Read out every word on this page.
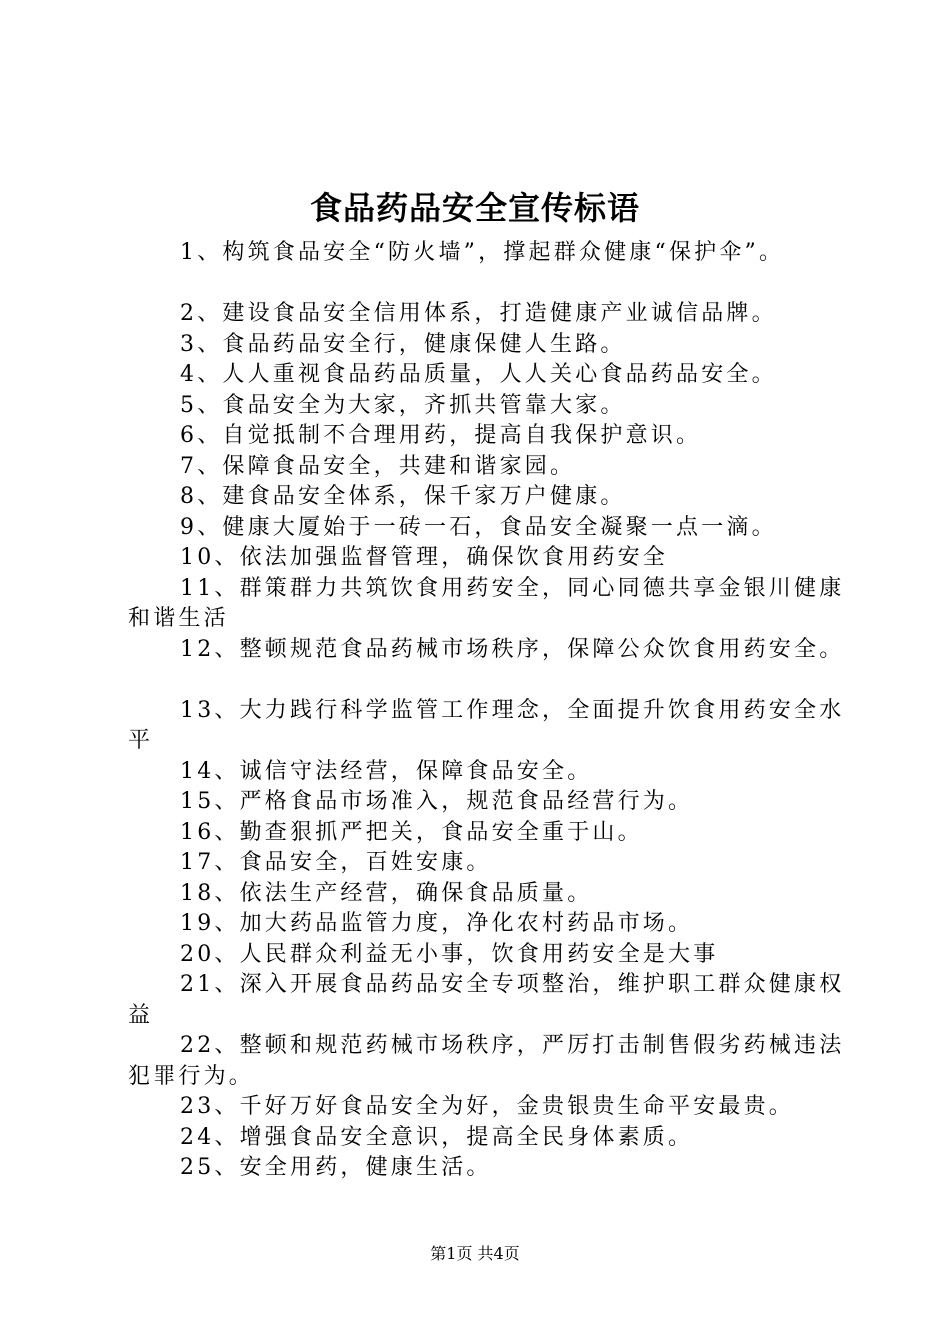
食品药品安全宣传标语

1、构筑食品安全“防火墙”，撑起群众健康“保护伞”。

2、建设食品安全信用体系，打造健康产业诚信品牌。

3、食品药品安全行，健康保健人生路。

4、人人重视食品药品质量，人人关心食品药品安全。

5、食品安全为大家，齐抓共管靠大家。

6、自觉抵制不合理用药，提高自我保护意识。

7、保障食品安全，共建和谐家园。

8、建食品安全体系，保千家万户健康。

9、健康大厦始于一砖一石，食品安全凝聚一点一滴。

10、依法加强监督管理，确保饮食用药安全

11、群策群力共筑饮食用药安全，同心同德共享金银川健康和谐生活

12、整顿规范食品药械市场秩序，保障公众饮食用药安全。

13、大力践行科学监管工作理念，全面提升饮食用药安全水平

14、诚信守法经营，保障食品安全。

15、严格食品市场准入，规范食品经营行为。

16、勤查狠抓严把关，食品安全重于山。

17、食品安全，百姓安康。

18、依法生产经营，确保食品质量。

19、加大药品监管力度，净化农村药品市场。

20、人民群众利益无小事，饮食用药安全是大事

21、深入开展食品药品安全专项整治，维护职工群众健康权益

22、整顿和规范药械市场秩序，严厉打击制售假劣药械违法犯罪行为。

23、千好万好食品安全为好，金贵银贵生命平安最贵。

24、增强食品安全意识，提高全民身体素质。

25、安全用药，健康生活。

第1页 共4页
